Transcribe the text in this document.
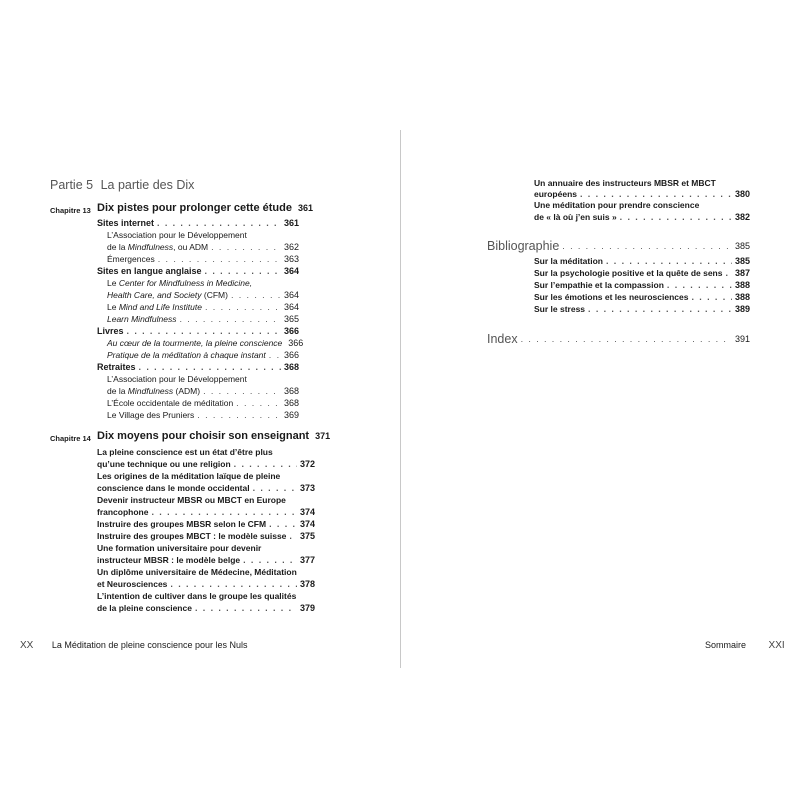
Partie 5 La partie des Dix
Chapitre 13 Dix pistes pour prolonger cette étude 361
Sites internet . . .	361
L’Association pour le Développement
de la Mindfulness, ou ADM . . .	362
Émergences . . .	363
Sites en langue anglaise . . .	364
Le Center for Mindfulness in Medicine,
Health Care, and Society (CFM) . . .	364
Le Mind and Life Institute . . .	364
Learn Mindfulness . . .	365
Livres . . .	366
Au cœur de la tourmente, la pleine conscience 366
Pratique de la méditation à chaque instant . . . 366
Retraites . . .	368
L’Association pour le Développement
de la Mindfulness (ADM) . . .	368
L’École occidentale de méditation . . .	368
Le Village des Pruniers . . .	369
Chapitre 14 Dix moyens pour choisir son enseignant 371
La pleine conscience est un état d’être plus
qu’une technique ou une religion . . .	372
Les origines de la méditation laïque de pleine
conscience dans le monde occidental . . .	373
Devenir instructeur MBSR ou MBCT en Europe
francophone . . .	374
Instruire des groupes MBSR selon le CFM . . .	374
Instruire des groupes MBCT : le modèle suisse . . . 375
Une formation universitaire pour devenir
instructeur MBSR : le modèle belge . . .	377
Un diplôme universitaire de Médecine, Méditation
et Neurosciences . . .	378
L’intention de cultiver dans le groupe les qualités
de la pleine conscience . . .	379
XX La Méditation de pleine conscience pour les Nuls
Un annuaire des instructeurs MBSR et MBCT
européens . . .	380
Une méditation pour prendre conscience
de « là où j’en suis » . . .	382
Bibliographie . . .	385
Sur la méditation . . .	385
Sur la psychologie positive et la quête de sens . . . 387
Sur l’empathie et la compassion . . .	388
Sur les émotions et les neurosciences . . .	388
Sur le stress . . .	389
Index . . .	391
Sommaire XXI
